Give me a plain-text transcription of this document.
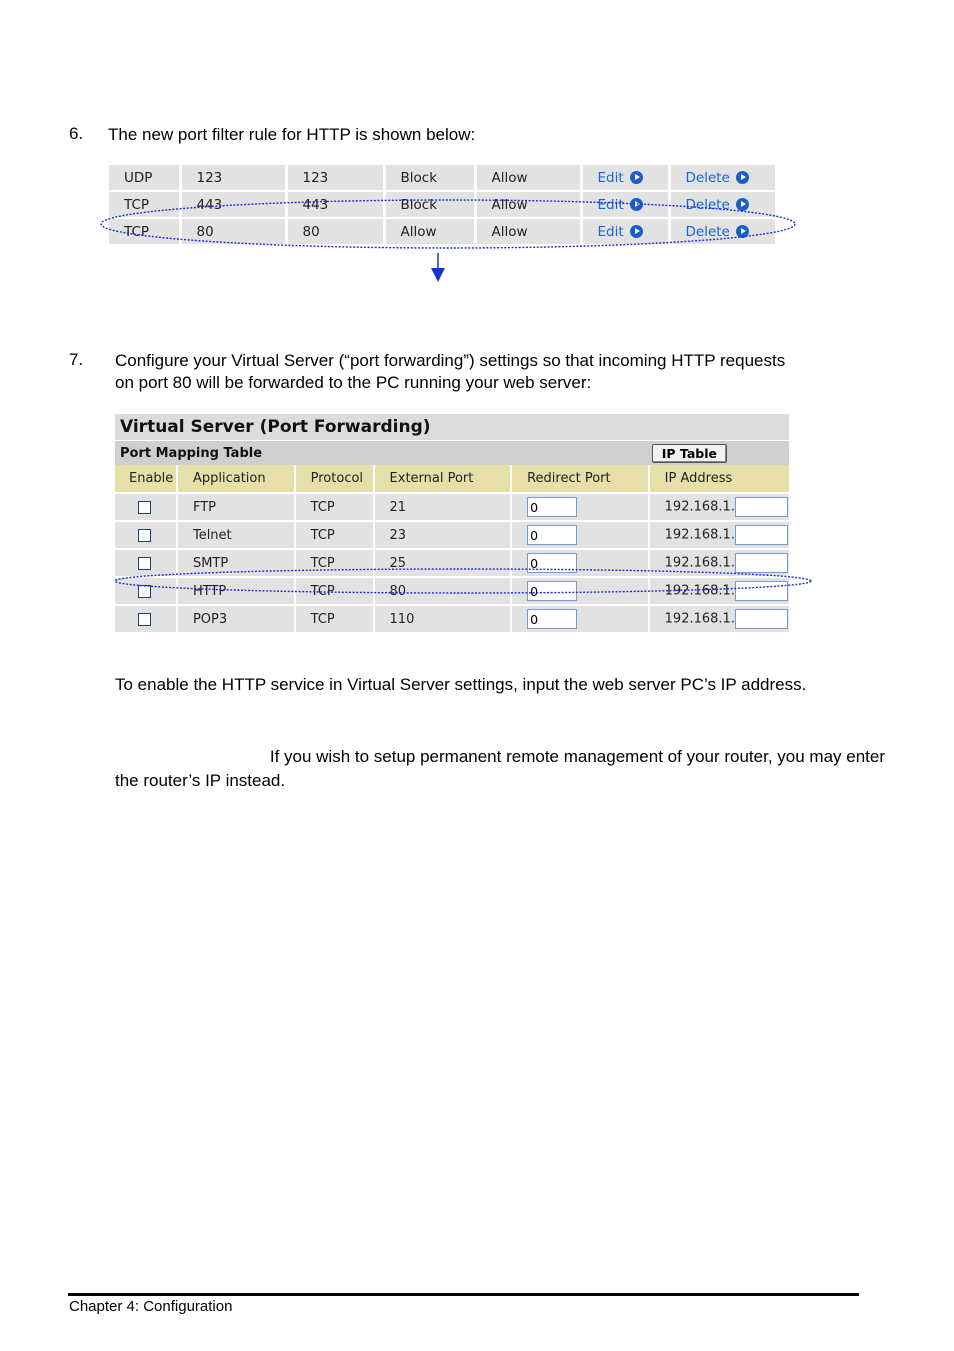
6. The new port filter rule for HTTP is shown below:
UDP	123	123	Block	Allow	Edit	Delete

TCP	443	443	Block	Allow	Edit	Delete

TCP	80	80	Allow	Allow	Edit	Delete
7. Configure your Virtual Server (“port forwarding”) settings so that incoming HTTP requests
on port 80 will be forwarded to the PC running your web server:
Virtual Server (Port Forwarding)
Port Mapping Table	IP Table
Enable	Application	Protocol	External Port	Redirect Port	IP Address
	FTP	TCP	21	0	192.168.1.
	Telnet	TCP	23	0	192.168.1.
	SMTP	TCP	25	0	192.168.1.
	HTTP	TCP	80	0	192.168.1.
	POP3	TCP	110	0	192.168.1.
To enable the HTTP service in Virtual Server settings, input the web server PC’s IP address.
If you wish to setup permanent remote management of your router, you may enter
the router’s IP instead.
Chapter 4: Configuration
